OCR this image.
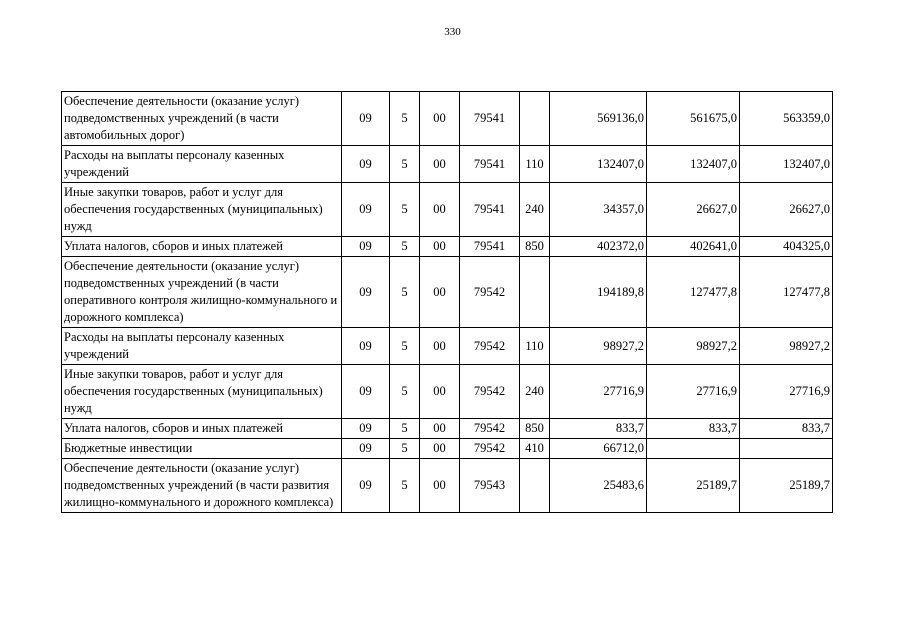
330
Обеспечение деятельности (оказание услуг) подведомственных учреждений (в части автомобильных дорог)	09	5	00	79541		569136,0	561675,0	563359,0
Расходы на выплаты персоналу казенных учреждений	09	5	00	79541	110	132407,0	132407,0	132407,0
Иные закупки товаров, работ и услуг для обеспечения государственных (муниципальных) нужд	09	5	00	79541	240	34357,0	26627,0	26627,0
Уплата налогов, сборов и иных платежей	09	5	00	79541	850	402372,0	402641,0	404325,0
Обеспечение деятельности (оказание услуг) подведомственных учреждений (в части оперативного контроля жилищно-коммунального и дорожного комплекса)	09	5	00	79542		194189,8	127477,8	127477,8
Расходы на выплаты персоналу казенных учреждений	09	5	00	79542	110	98927,2	98927,2	98927,2
Иные закупки товаров, работ и услуг для обеспечения государственных (муниципальных) нужд	09	5	00	79542	240	27716,9	27716,9	27716,9
Уплата налогов, сборов и иных платежей	09	5	00	79542	850	833,7	833,7	833,7
Бюджетные инвестиции	09	5	00	79542	410	66712,0		
Обеспечение деятельности (оказание услуг) подведомственных учреждений (в части развития жилищно-коммунального и дорожного комплекса)	09	5	00	79543		25483,6	25189,7	25189,7
